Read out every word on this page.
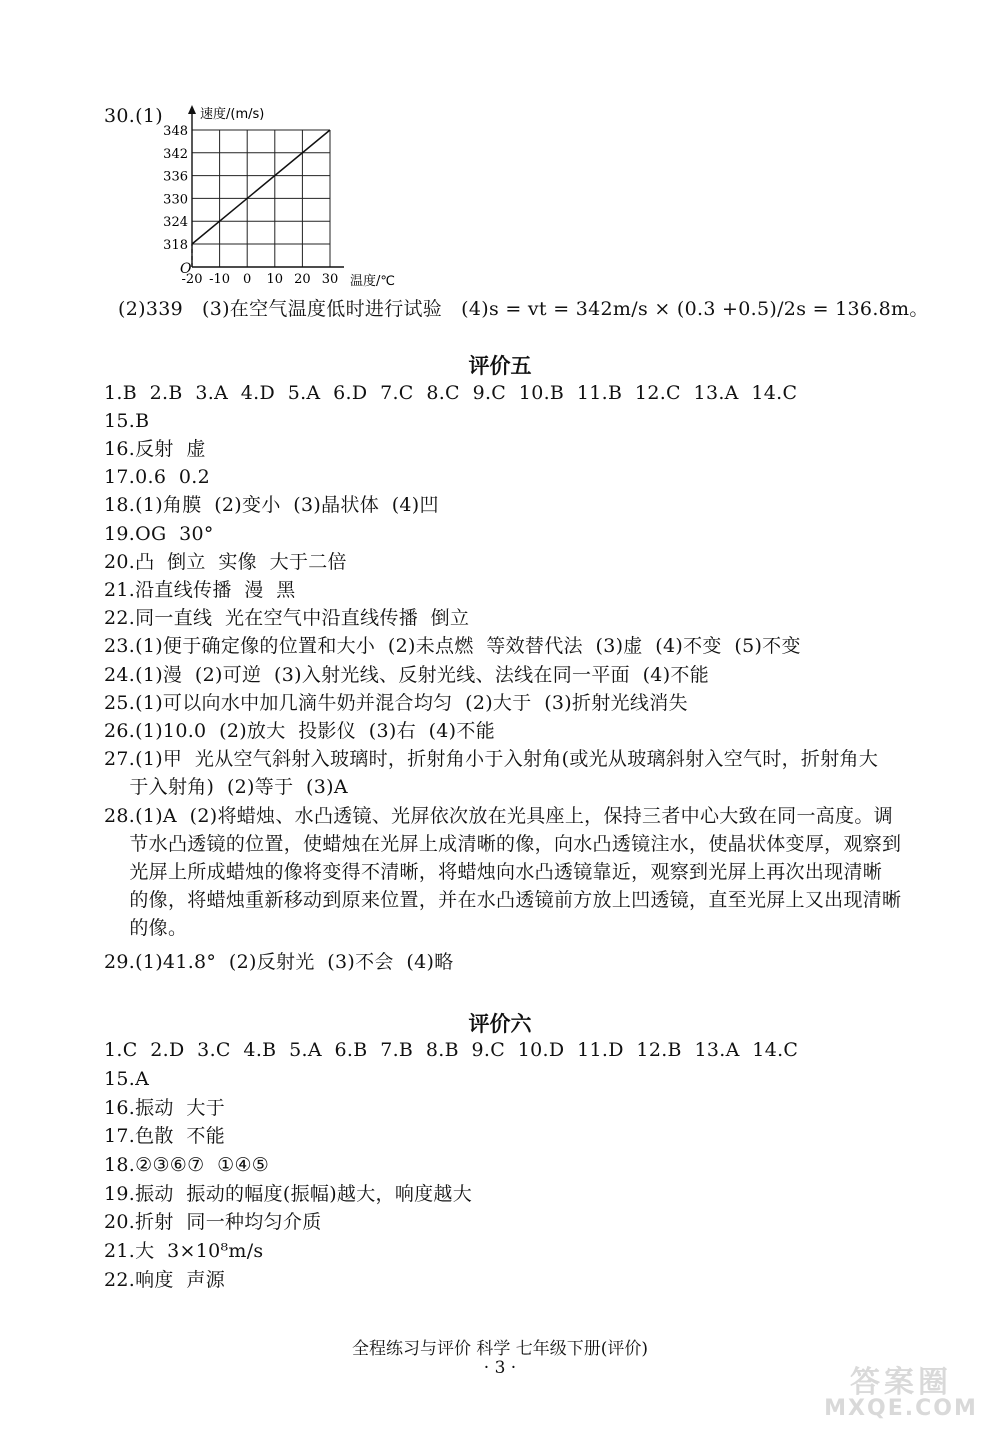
30.(1)
318
324
330
336
342
348
-20 -10 0 10 20 30
速度/(m/s)
温度/℃
O
(2)339   (3)在空气温度低时进行试验   (4)s = vt = 342m/s × (0.3 +0.5)/2s = 136.8m。
评价五
1.B  2.B  3.A  4.D  5.A  6.D  7.C  8.C  9.C  10.B  11.B  12.C  13.A  14.C
15.B
16.反射  虚
17.0.6  0.2
18.(1)角膜  (2)变小  (3)晶状体  (4)凹
19.OG  30°
20.凸  倒立  实像  大于二倍
21.沿直线传播  漫  黑
22.同一直线  光在空气中沿直线传播  倒立
23.(1)便于确定像的位置和大小  (2)未点燃  等效替代法  (3)虚  (4)不变  (5)不变
24.(1)漫  (2)可逆  (3)入射光线、反射光线、法线在同一平面  (4)不能
25.(1)可以向水中加几滴牛奶并混合均匀  (2)大于  (3)折射光线消失
26.(1)10.0  (2)放大  投影仪  (3)右  (4)不能
27.(1)甲  光从空气斜射入玻璃时，折射角小于入射角(或光从玻璃斜射入空气时，折射角大
于入射角)  (2)等于  (3)A
28.(1)A  (2)将蜡烛、水凸透镜、光屏依次放在光具座上，保持三者中心大致在同一高度。调
节水凸透镜的位置，使蜡烛在光屏上成清晰的像，向水凸透镜注水，使晶状体变厚，观察到
光屏上所成蜡烛的像将变得不清晰，将蜡烛向水凸透镜靠近，观察到光屏上再次出现清晰
的像，将蜡烛重新移动到原来位置，并在水凸透镜前方放上凹透镜，直至光屏上又出现清晰
的像。
29.(1)41.8°  (2)反射光  (3)不会  (4)略
评价六
1.C  2.D  3.C  4.B  5.A  6.B  7.B  8.B  9.C  10.D  11.D  12.B  13.A  14.C
15.A
16.振动  大于
17.色散  不能
18.②③⑥⑦  ①④⑤
19.振动  振动的幅度(振幅)越大，响度越大
20.折射  同一种均匀介质
21.大  3×10⁸m/s
22.响度  声源
全程练习与评价 科学 七年级下册(评价)
· 3 ·	答案圈
MXQE.COM
